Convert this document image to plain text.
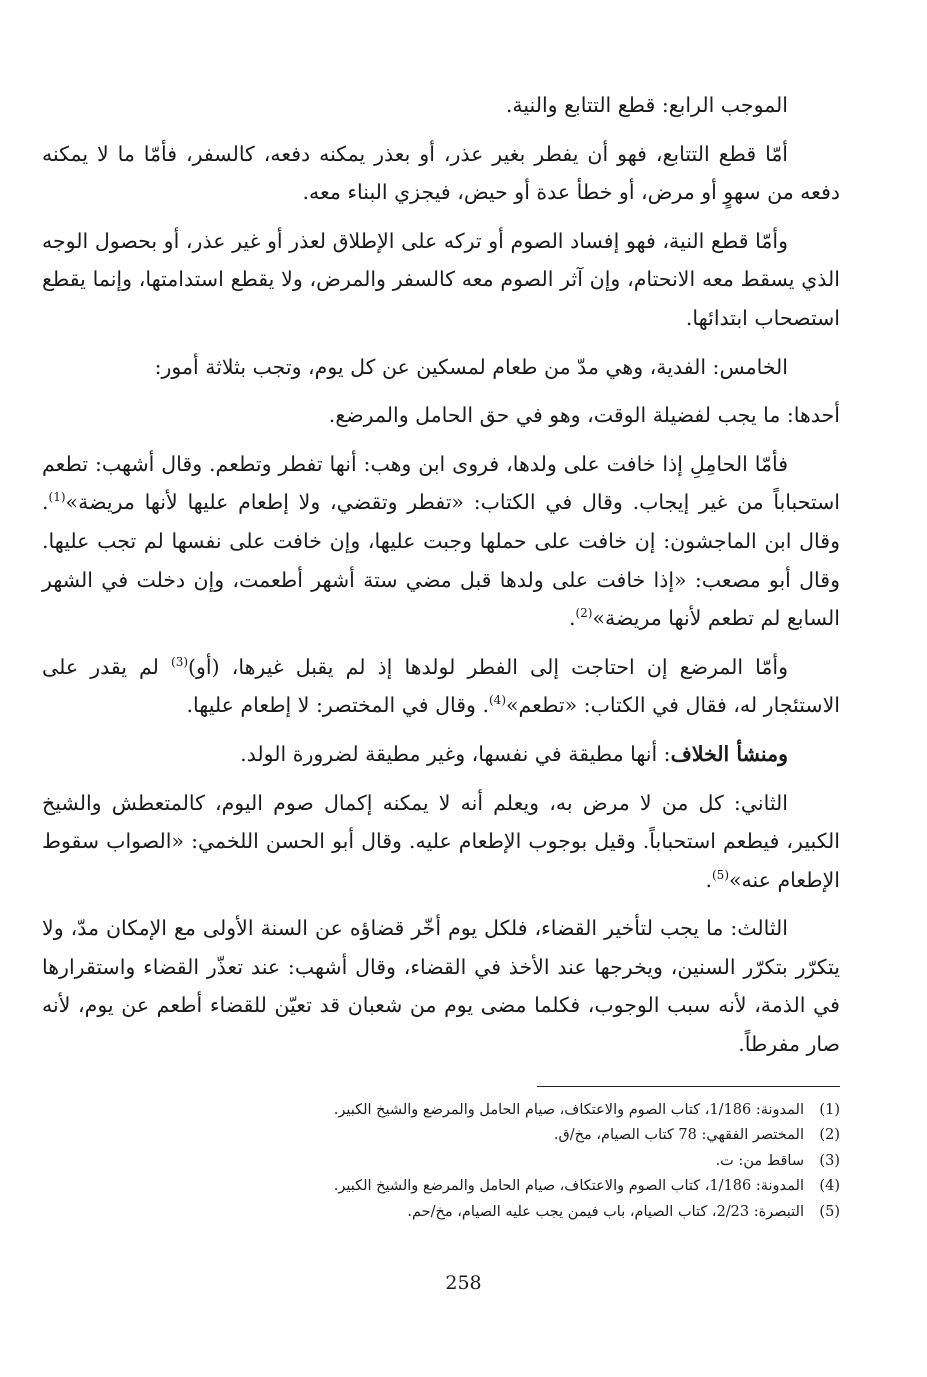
الموجب الرابع: قطع التتابع والنية.

أمّا قطع التتابع، فهو أن يفطر بغير عذر، أو بعذر يمكنه دفعه، كالسفر، فأمّا ما لا يمكنه دفعه من سهوٍ أو مرض، أو خطأ عدة أو حيض، فيجزي البناء معه.

وأمّا قطع النية، فهو إفساد الصوم أو تركه على الإطلاق لعذر أو غير عذر، أو بحصول الوجه الذي يسقط معه الانحتام، وإن آثر الصوم معه كالسفر والمرض، ولا يقطع استدامتها، وإنما يقطع استصحاب ابتدائها.

الخامس: الفدية، وهي مدّ من طعام لمسكين عن كل يوم، وتجب بثلاثة أمور:

أحدها: ما يجب لفضيلة الوقت، وهو في حق الحامل والمرضع.

فأمّا الحامِلِ إذا خافت على ولدها، فروى ابن وهب: أنها تفطر وتطعم. وقال أشهب: تطعم استحباباً من غير إيجاب. وقال في الكتاب: «تفطر وتقضي، ولا إطعام عليها لأنها مريضة»$^{(1)}$. وقال ابن الماجشون: إن خافت على حملها وجبت عليها، وإن خافت على نفسها لم تجب عليها. وقال أبو مصعب: «إذا خافت على ولدها قبل مضي ستة أشهر أطعمت، وإن دخلت في الشهر السابع لم تطعم لأنها مريضة»$^{(2)}$.

وأمّا المرضع إن احتاجت إلى الفطر لولدها إذ لم يقبل غيرها، (أو)$^{(3)}$ لم يقدر على الاستئجار له، فقال في الكتاب: «تطعم»$^{(4)}$. وقال في المختصر: لا إطعام عليها.

ومنشأ الخلاف: أنها مطيقة في نفسها، وغير مطيقة لضرورة الولد.

الثاني: كل من لا مرض به، ويعلم أنه لا يمكنه إكمال صوم اليوم، كالمتعطش والشيخ الكبير، فيطعم استحباباً. وقيل بوجوب الإطعام عليه. وقال أبو الحسن اللخمي: «الصواب سقوط الإطعام عنه»$^{(5)}$.

الثالث: ما يجب لتأخير القضاء، فلكل يوم أخّر قضاؤه عن السنة الأولى مع الإمكان مدّ، ولا يتكرّر بتكرّر السنين، ويخرجها عند الأخذ في القضاء، وقال أشهب: عند تعذّر القضاء واستقرارها في الذمة، لأنه سبب الوجوب، فكلما مضى يوم من شعبان قد تعيّن للقضاء أطعم عن يوم، لأنه صار مفرطاً.

(1)المدونة: 1/186، كتاب الصوم والاعتكاف، صيام الحامل والمرضع والشيخ الكبير.
(2)المختصر الفقهي: 78 كتاب الصيام، مخ/ق.
(3)ساقط من: ت.
(4)المدونة: 1/186، كتاب الصوم والاعتكاف، صيام الحامل والمرضع والشيخ الكبير.
(5)التبصرة: 2/23، كتاب الصيام، باب فيمن يجب عليه الصيام، مخ/حم.
258
